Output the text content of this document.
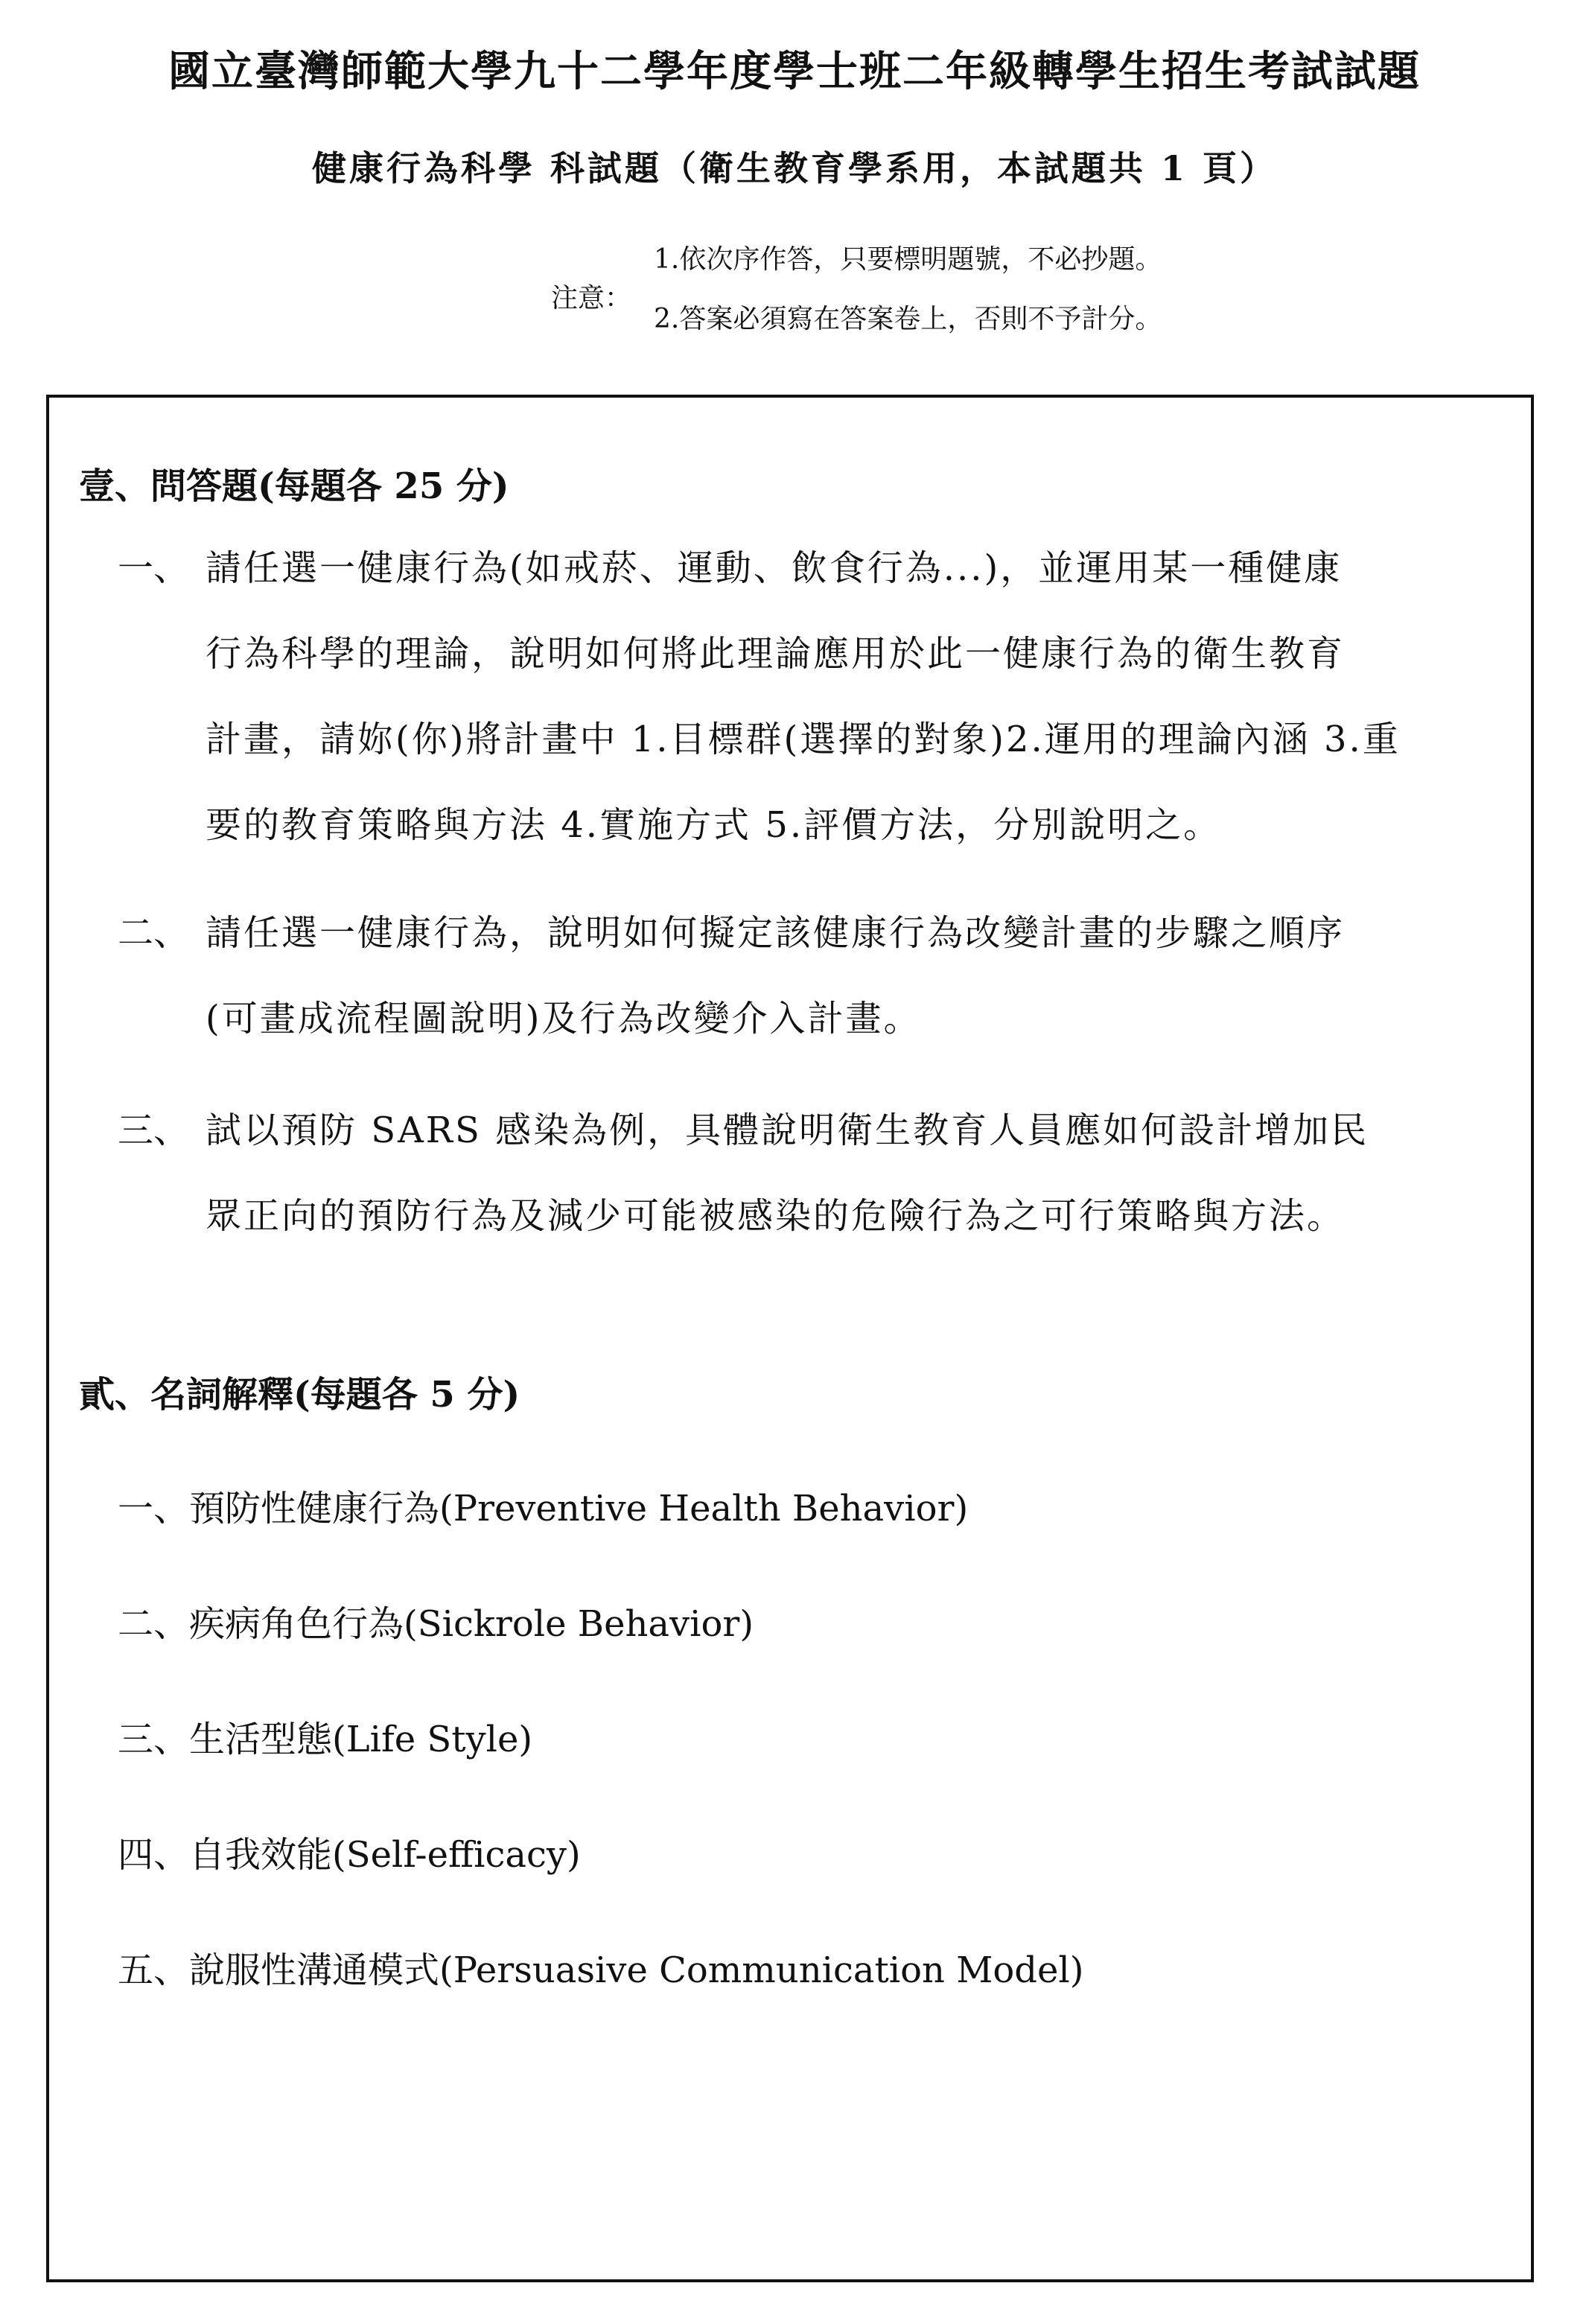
國立臺灣師範大學九十二學年度學士班二年級轉學生招生考試試題
健康行為科學 科試題（衛生教育學系用，本試題共 1 頁）
注意：
1.依次序作答，只要標明題號，不必抄題。
2.答案必須寫在答案卷上，否則不予計分。
壹、問答題(每題各 25 分)
一、 請任選一健康行為(如戒菸、運動、飲食行為...)，並運用某一種健康
行為科學的理論，說明如何將此理論應用於此一健康行為的衛生教育
計畫，請妳(你)將計畫中 1.目標群(選擇的對象)2.運用的理論內涵 3.重
要的教育策略與方法 4.實施方式 5.評價方法，分別說明之。
二、 請任選一健康行為，說明如何擬定該健康行為改變計畫的步驟之順序
(可畫成流程圖說明)及行為改變介入計畫。
三、 試以預防 SARS 感染為例，具體說明衛生教育人員應如何設計增加民
眾正向的預防行為及減少可能被感染的危險行為之可行策略與方法。
貳、名詞解釋(每題各 5 分)
一、預防性健康行為(Preventive Health Behavior)
二、疾病角色行為(Sickrole Behavior)
三、生活型態(Life Style)
四、自我效能(Self-efficacy)
五、說服性溝通模式(Persuasive Communication Model)
